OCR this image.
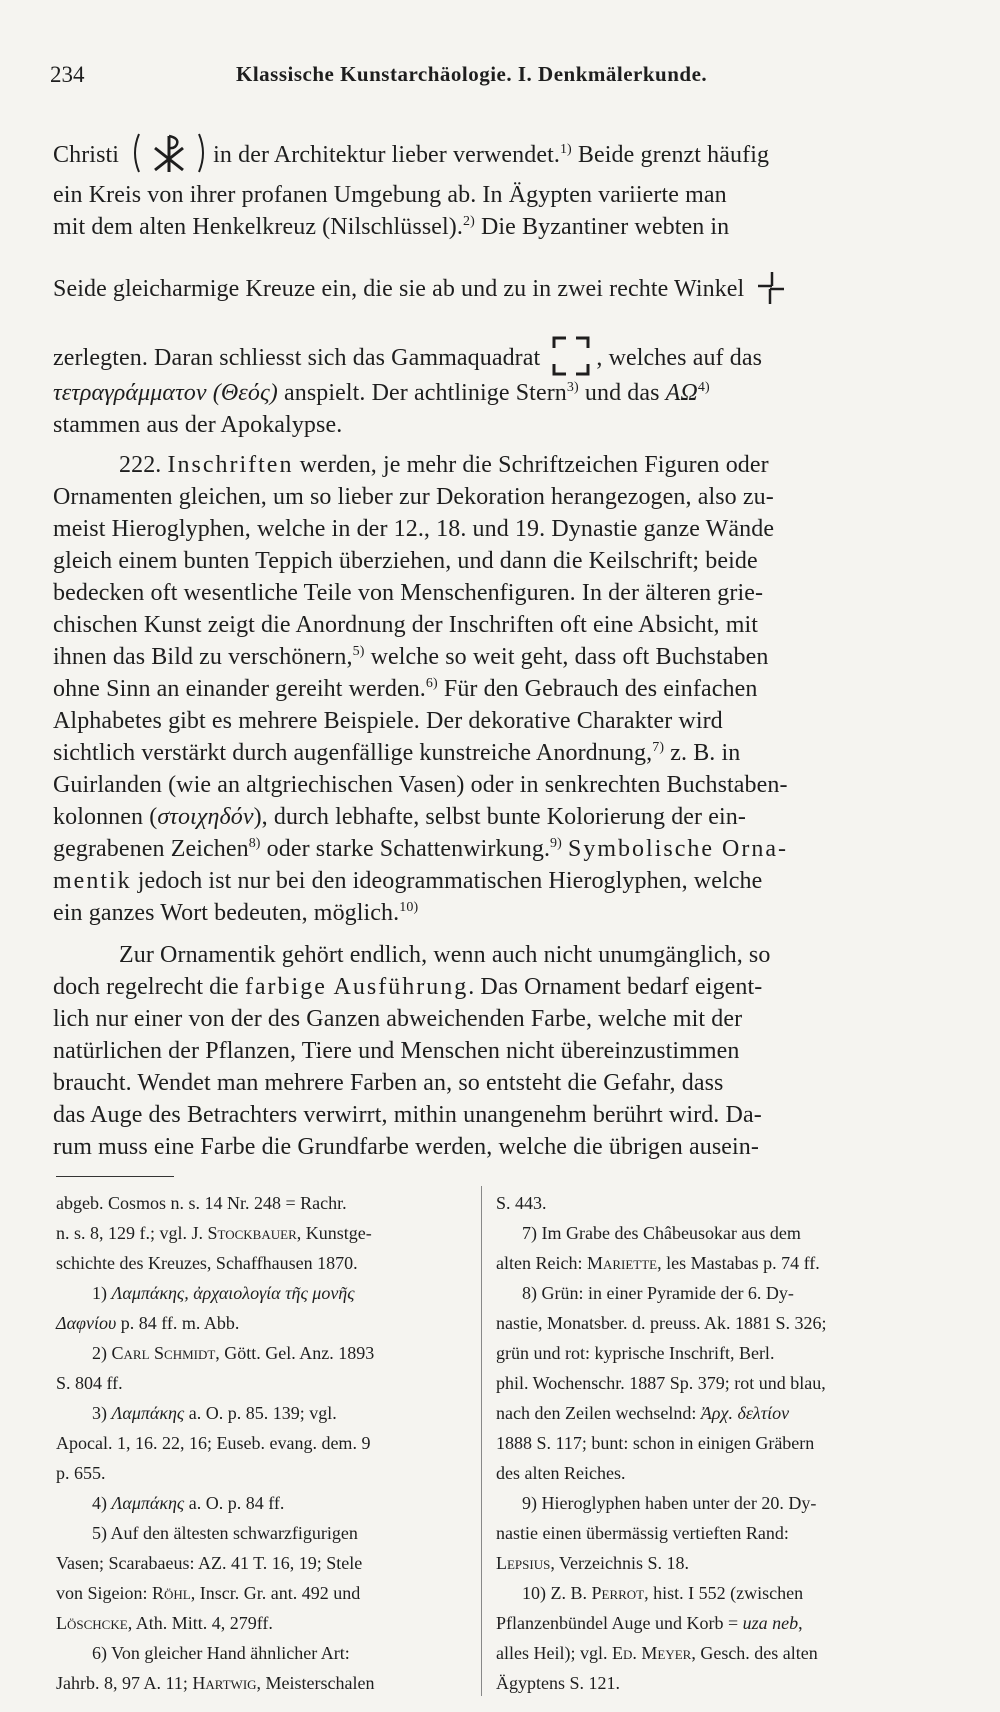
234	Klassische Kunstarchäologie. I. Denkmälerkunde.
Christi	in der Architektur lieber verwendet.$^{1)}$ Beide grenzt häufig
ein Kreis von ihrer profanen Umgebung ab. In Ägypten variierte man
mit dem alten Henkelkreuz (Nilschlüssel).$^{2)}$ Die Byzantiner webten in
Seide gleicharmige Kreuze ein, die sie ab und zu in zwei rechte Winkel
zerlegten. Daran schliesst sich das Gammaquadrat , welches auf das
τετραγράμματον (Θεός) anspielt. Der achtlinige Stern$^{3)}$ und das ΑΩ$^{4)}$
stammen aus der Apokalypse.
222. Inschriften werden, je mehr die Schriftzeichen Figuren oder
Ornamenten gleichen, um so lieber zur Dekoration herangezogen, also zu-
meist Hieroglyphen, welche in der 12., 18. und 19. Dynastie ganze Wände
gleich einem bunten Teppich überziehen, und dann die Keilschrift; beide
bedecken oft wesentliche Teile von Menschenfiguren. In der älteren grie-
chischen Kunst zeigt die Anordnung der Inschriften oft eine Absicht, mit
ihnen das Bild zu verschönern,$^{5)}$ welche so weit geht, dass oft Buchstaben
ohne Sinn an einander gereiht werden.$^{6)}$ Für den Gebrauch des einfachen
Alphabetes gibt es mehrere Beispiele. Der dekorative Charakter wird
sichtlich verstärkt durch augenfällige kunstreiche Anordnung,$^{7)}$ z. B. in
Guirlanden (wie an altgriechischen Vasen) oder in senkrechten Buchstaben-
kolonnen (στοιχηδόν), durch lebhafte, selbst bunte Kolorierung der ein-
gegrabenen Zeichen$^{8)}$ oder starke Schattenwirkung.$^{9)}$ Symbolische Orna-
mentik jedoch ist nur bei den ideogrammatischen Hieroglyphen, welche
ein ganzes Wort bedeuten, möglich.$^{10)}$
Zur Ornamentik gehört endlich, wenn auch nicht unumgänglich, so
doch regelrecht die farbige Ausführung. Das Ornament bedarf eigent-
lich nur einer von der des Ganzen abweichenden Farbe, welche mit der
natürlichen der Pflanzen, Tiere und Menschen nicht übereinzustimmen
braucht. Wendet man mehrere Farben an, so entsteht die Gefahr, dass
das Auge des Betrachters verwirrt, mithin unangenehm berührt wird. Da-
rum muss eine Farbe die Grundfarbe werden, welche die übrigen ausein-
abgeb. Cosmos n. s. 14 Nr. 248 = Rachr.
n. s. 8, 129 f.; vgl. J. Stockbauer, Kunstge-
schichte des Kreuzes, Schaffhausen 1870.
1) Λαμπάκης, ἀρχαιολογία τῆς μονῆς
Δαφνίου p. 84 ff. m. Abb.
2) Carl Schmidt, Gött. Gel. Anz. 1893
S. 804 ff.
3) Λαμπάκης a. O. p. 85. 139; vgl.
Apocal. 1, 16. 22, 16; Euseb. evang. dem. 9
p. 655.
4) Λαμπάκης a. O. p. 84 ff.
5) Auf den ältesten schwarzfigurigen
Vasen; Scarabaeus: AZ. 41 T. 16, 19; Stele
von Sigeion: Röhl, Inscr. Gr. ant. 492 und
Löschcke, Ath. Mitt. 4, 279ff.
6) Von gleicher Hand ähnlicher Art:
Jahrb. 8, 97 A. 11; Hartwig, Meisterschalen
S. 443.
7) Im Grabe des Châbeusokar aus dem
alten Reich: Mariette, les Mastabas p. 74 ff.
8) Grün: in einer Pyramide der 6. Dy-
nastie, Monatsber. d. preuss. Ak. 1881 S. 326;
grün und rot: kyprische Inschrift, Berl.
phil. Wochenschr. 1887 Sp. 379; rot und blau,
nach den Zeilen wechselnd: Ἀρχ. δελτίον
1888 S. 117; bunt: schon in einigen Gräbern
des alten Reiches.
9) Hieroglyphen haben unter der 20. Dy-
nastie einen übermässig vertieften Rand:
Lepsius, Verzeichnis S. 18.
10) Z. B. Perrot, hist. I 552 (zwischen
Pflanzenbündel Auge und Korb = uza neb,
alles Heil); vgl. Ed. Meyer, Gesch. des alten
Ägyptens S. 121.
